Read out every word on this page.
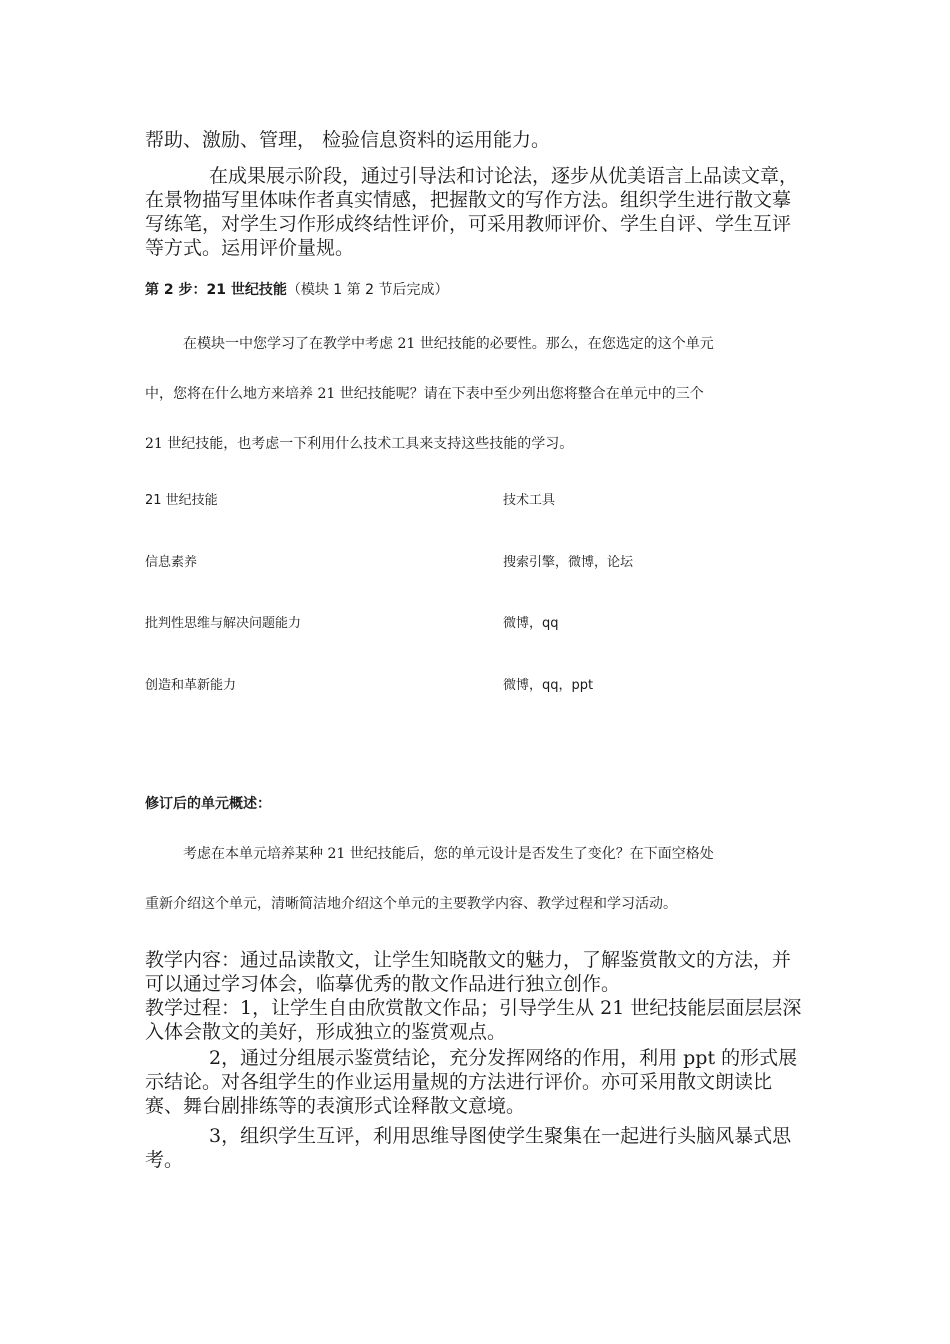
帮助、激励、管理， 检验信息资料的运用能力。

在成果展示阶段，通过引导法和讨论法，逐步从优美语言上品读文章，在景物描写里体味作者真实情感，把握散文的写作方法。组织学生进行散文摹写练笔，对学生习作形成终结性评价，可采用教师评价、学生自评、学生互评等方式。运用评价量规。

第 2 步：21 世纪技能（模块 1 第 2 节后完成）

在模块一中您学习了在教学中考虑 21 世纪技能的必要性。那么，在您选定的这个单元

中，您将在什么地方来培养 21 世纪技能呢？请在下表中至少列出您将整合在单元中的三个

21 世纪技能，也考虑一下利用什么技术工具来支持这些技能的学习。

21 世纪技能	技术工具

信息素养	搜索引擎，微博，论坛

批判性思维与解决问题能力	微博，qq

创造和革新能力	微博，qq，ppt

修订后的单元概述：

考虑在本单元培养某种 21 世纪技能后，您的单元设计是否发生了变化？在下面空格处

重新介绍这个单元，清晰简洁地介绍这个单元的主要教学内容、教学过程和学习活动。

教学内容：通过品读散文，让学生知晓散文的魅力，了解鉴赏散文的方法，并可以通过学习体会，临摹优秀的散文作品进行独立创作。

教学过程：1，让学生自由欣赏散文作品；引导学生从 21 世纪技能层面层层深入体会散文的美好，形成独立的鉴赏观点。

2，通过分组展示鉴赏结论，充分发挥网络的作用，利用 ppt 的形式展示结论。对各组学生的作业运用量规的方法进行评价。亦可采用散文朗读比赛、舞台剧排练等的表演形式诠释散文意境。

3，组织学生互评，利用思维导图使学生聚集在一起进行头脑风暴式思考。
